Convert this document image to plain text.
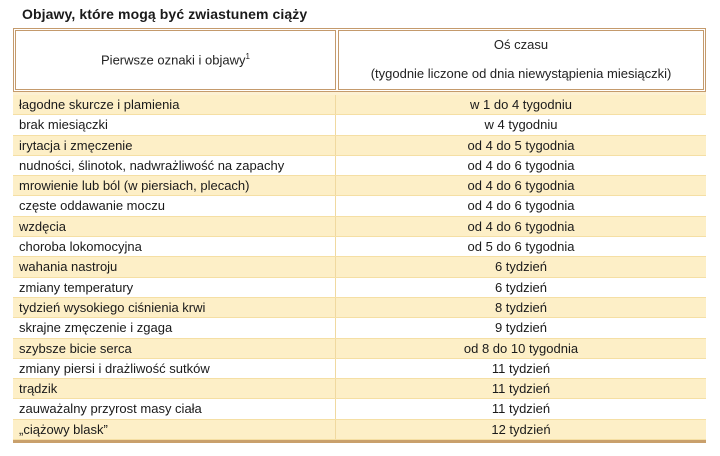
Objawy, które mogą być zwiastunem ciąży
Pierwsze oznaki i objawy$^1$
Oś czasu
(tygodnie liczone od dnia niewystąpienia miesiączki)
łagodne skurcze i plamienia	w 1 do 4 tygodniu
brak miesiączki	w 4 tygodniu
irytacja i zmęczenie	od 4 do 5 tygodnia
nudności, ślinotok, nadwrażliwość na zapachy	od 4 do 6 tygodnia
mrowienie lub ból (w piersiach, plecach)	od 4 do 6 tygodnia
częste oddawanie moczu	od 4 do 6 tygodnia
wzdęcia	od 4 do 6 tygodnia
choroba lokomocyjna	od 5 do 6 tygodnia
wahania nastroju	6 tydzień
zmiany temperatury	6 tydzień
tydzień wysokiego ciśnienia krwi	8 tydzień
skrajne zmęczenie i zgaga	9 tydzień
szybsze bicie serca	od 8 do 10 tygodnia
zmiany piersi i drażliwość sutków	11 tydzień
trądzik	11 tydzień
zauważalny przyrost masy ciała	11 tydzień
„ciążowy blask”	12 tydzień
